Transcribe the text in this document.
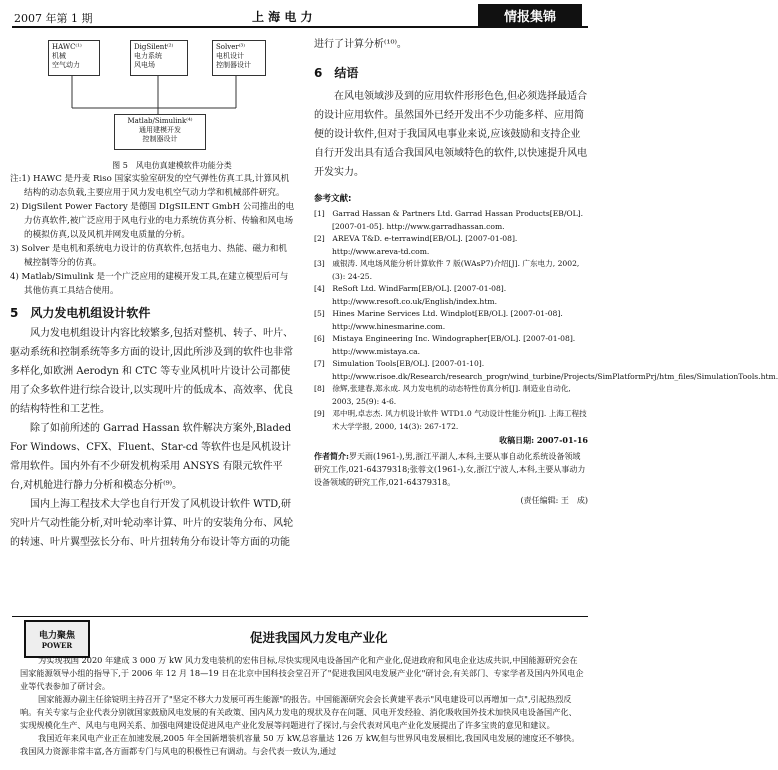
2007 年第 1 期	上 海 电 力	情报集锦
HAWC⁽¹⁾
机械
空气动力
DigSilent⁽²⁾
电力系统
风电场
Solver⁽³⁾
电机设计
控制器设计
Matlab/Simulink⁽⁴⁾
通用建模开发
控制器设计
图 5　风电仿真建模软件功能分类
注:1) HAWC 是丹麦 Riso 国家实验室研发的空气弹性仿真工具,计算风机结构的动态负载,主要应用于风力发电机空气动力学和机械部件研究。
2) DigSilent Power Factory 是德国 DIgSILENT GmbH 公司推出的电力仿真软件,被广泛应用于风电行业的电力系统仿真分析、传输和风电场的模拟仿真,以及风机并网发电质量的分析。
3) Solver 是电机和系统电力设计的仿真软件,包括电力、热能、磁力和机械控制等分的仿真。
4) Matlab/Simulink 是一个广泛应用的建模开发工具,在建立模型后可与其他仿真工具结合使用。
5　风力发电机组设计软件

风力发电机组设计内容比较繁多,包括对整机、转子、叶片、驱动系统和控制系统等多方面的设计,因此所涉及到的软件也非常多样化,如欧洲 Aerodyn 和 CTC 等专业风机叶片设计公司都使用了众多软件进行综合设计,以实现叶片的低成本、高效率、优良的结构特性和工艺性。

除了如前所述的 Garrad Hassan 软件解决方案外,Bladed For Windows、CFX、Fluent、Star-cd 等软件也是风机设计常用软件。国内外有不少研发机构采用 ANSYS 有限元软件平台,对机舱进行静力分析和模态分析⁽⁹⁾。

国内上海工程技术大学也自行开发了风机设计软件 WTD,研究叶片气动性能分析,对叶轮动率计算、叶片的安装角分布、风轮的转速、叶片翼型弦长分布、叶片扭转角分布设计等方面的功能

进行了计算分析⁽¹⁰⁾。
6　结语

在风电领域涉及到的应用软件形形色色,但必须选择最适合的设计应用软件。虽然国外已经开发出不少功能多样、应用简便的设计软件,但对于我国风电事业来说,应该鼓励和支持企业自行开发出具有适合我国风电领域特色的软件,以快速提升风电开发实力。

参考文献:
[1]　Garrad Hassan & Partners Ltd. Garrad Hassan Products[EB/OL]. [2007-01-05]. http://www.garradhassan.com.
[2]　AREVA T&D. e-terrawind[EB/OL]. [2007-01-08]. http://www.areva-td.com.
[3]　戚银涛. 风电场风能分析计算软件 7 版(WAsP7)介绍[J]. 广东电力, 2002, (3): 24-25.
[4]　ReSoft Ltd. WindFarm[EB/OL]. [2007-01-08]. http://www.resoft.co.uk/English/index.htm.
[5]　Hines Marine Services Ltd. Windplot[EB/OL]. [2007-01-08]. http://www.hinesmarine.com.
[6]　Mistaya Engineering Inc. Windographer[EB/OL]. [2007-01-08]. http://www.mistaya.ca.
[7]　Simulation Tools[EB/OL]. [2007-01-10]. http://www.risoe.dk/Research/research_progr/wind_turbine/Projects/SimPlatformPrj/htm_files/SimulationTools.htm.
[8]　徐辉,张建春,郑永成. 风力发电机的动态特性仿真分析[J]. 制造业自动化, 2003, 25(9): 4-6.
[9]　邓中明,卓志杰. 风力机设计软件 WTD1.0 气动设计性能分析[J]. 上海工程技术大学学报, 2000, 14(3): 267-172.
收稿日期: 2007-01-16
作者简介:罗天雨(1961-),男,浙江平湖人,本科,主要从事自动化系统设备领域研究工作,021-64379318;张蓉文(1961-),女,浙江宁波人,本科,主要从事动力设备领域的研究工作,021-64379318。
(责任编辑: 王　成)
电力聚焦
POWER
促进我国风力发电产业化

为实现我国 2020 年建成 3 000 万 kW 风力发电装机的宏伟目标,尽快实现风电设备国产化和产业化,促进政府和风电企业达成共识,中国能源研究会在国家能源领导小组的指导下,于 2006 年 12 月 18—19 日在北京中国科技会堂召开了"促进我国风电发展产业化"研讨会,有关部门、专家学者及国内外风电企业等代表参加了研讨会。

国家能源办副主任徐锭明主持召开了"坚定不移大力发展可再生能源"的报告。中国能源研究会会长黄建平表示"风电建设可以再增加一点",引起热烈反响。有关专家与企业代表分别就国家鼓励风电发展的有关政策、国内风力发电的现状及存在问题、风电开发经验、消化吸收国外技术加快风电设备国产化、实现规模化生产、风电与电网关系、加强电网建设促进风电产业化发展等问题进行了探讨,与会代表对风电产业化发展提出了许多宝贵的意见和建议。

我国近年来风电产业正在加速发展,2005 年全国新增装机容量 50 万 kW,总容量达 126 万 kW,但与世界风电发展相比,我国风电发展的速度还不够快。我国风力资源非常丰富,各方面都专门与风电的积极性已有调动。与会代表一致认为,通过
